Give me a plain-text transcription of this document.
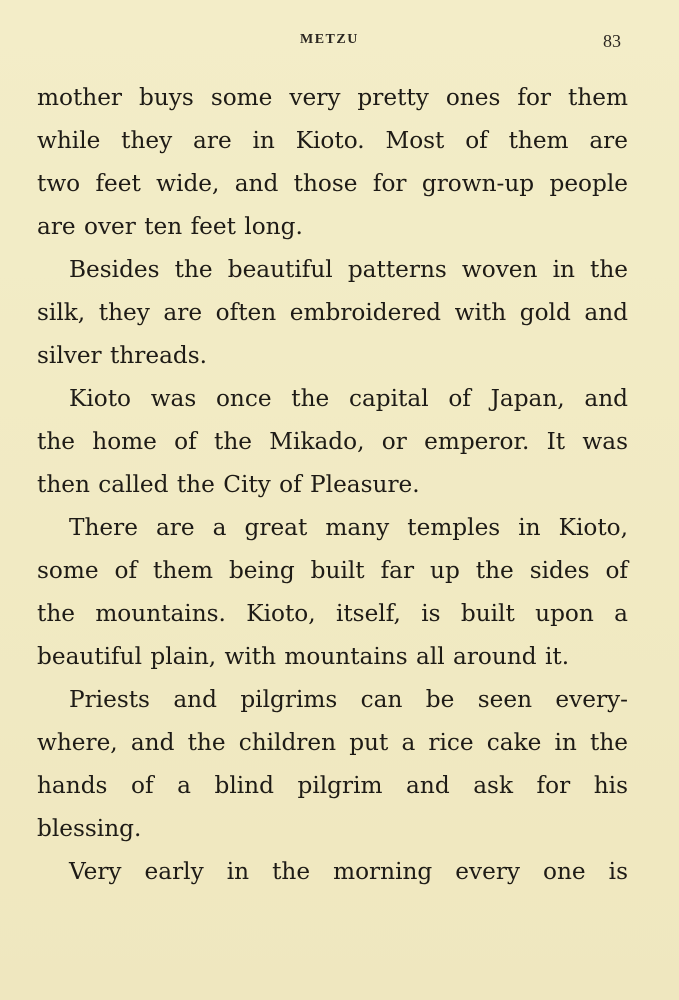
METZU	83
mother buys some very pretty ones for them
while they are in Kioto. Most of them are
two feet wide, and those for grown-up people
are over ten feet long.
Besides the beautiful patterns woven in the
silk, they are often embroidered with gold and
silver threads.
Kioto was once the capital of Japan, and
the home of the Mikado, or emperor. It was
then called the City of Pleasure.
There are a great many temples in Kioto,
some of them being built far up the sides of
the mountains. Kioto, itself, is built upon a
beautiful plain, with mountains all around it.
Priests and pilgrims can be seen every-
where, and the children put a rice cake in the
hands of a blind pilgrim and ask for his
blessing.
Very early in the morning every one is
